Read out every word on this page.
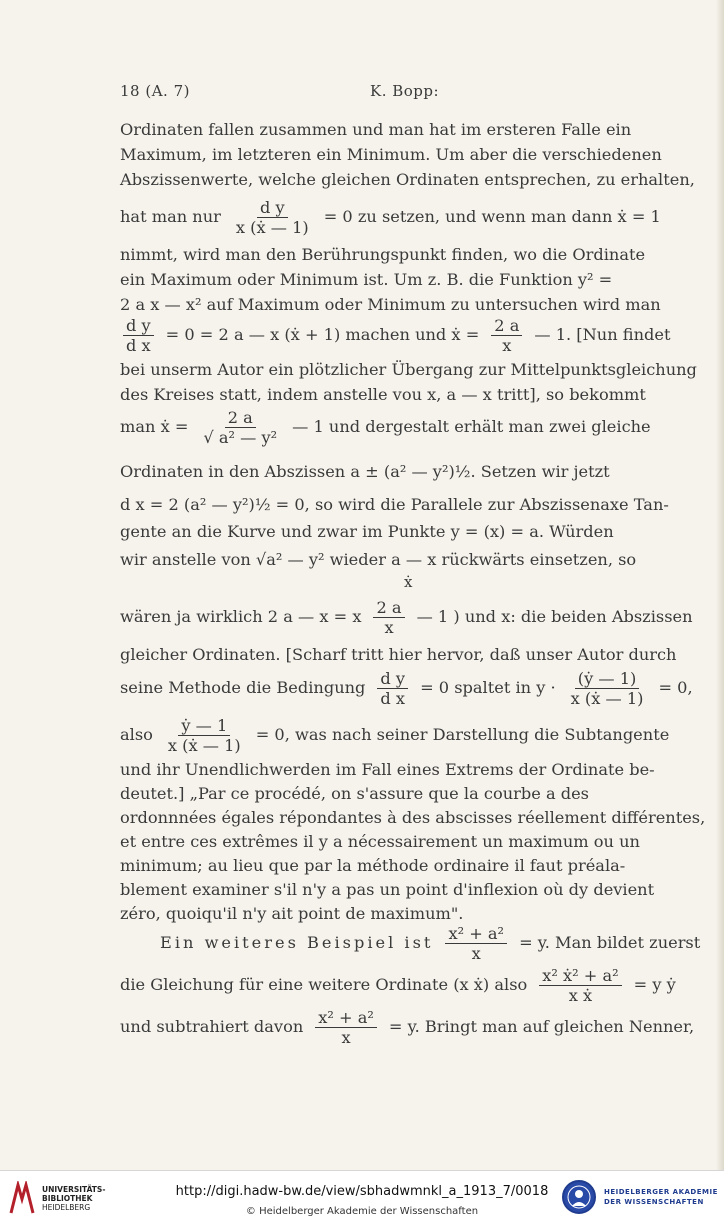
18 (A. 7)	K. Bopp:
Ordinaten fallen zusammen und man hat im ersteren Falle ein
Maximum, im letzteren ein Minimum. Um aber die verschiedenen
Abszissenwerte, welche gleichen Ordinaten entsprechen, zu erhalten,
hat man nur $\frac{\text{d y}}{\text{x (ẋ — 1)}} = 0$ zu setzen, und wenn man dann ẋ = 1
nimmt, wird man den Berührungspunkt finden, wo die Ordinate
ein Maximum oder Minimum ist. Um z. B. die Funktion y² =
2 a x — x² auf Maximum oder Minimum zu untersuchen wird man
$\frac{\text{d y}}{\text{d x}} = 0 = 2$ a — x (ẋ + 1) machen und ẋ = $\frac{2 a}{x}$ — 1. [Nun findet
bei unserm Autor ein plötzlicher Übergang zur Mittelpunktsgleichung
des Kreises statt, indem anstelle vou x, a — x tritt], so bekommt
man ẋ = $\frac{2 a}{\text{√ a² — y²}}$ — 1 und dergestalt erhält man zwei gleiche
Ordinaten in den Abszissen a ± (a² — y²)½. Setzen wir jetzt
d x = 2 (a² — y²)½ = 0, so wird die Parallele zur Abszissenaxe Tan-
gente an die Kurve und zwar im Punkte y = (x) = a. Würden
wir anstelle von √a² — y² wieder a — x rückwärts einsetzen, so
ẋ
wären ja wirklich 2 a — x = x $\frac{2 a}{x}$ — 1 ) und x: die beiden Abszissen
gleicher Ordinaten. [Scharf tritt hier hervor, daß unser Autor durch
seine Methode die Bedingung $\frac{\text{d y}}{\text{d x}} = 0$ spaltet in $y \cdot \frac{\text{(ẏ — 1)}}{\text{x (ẋ — 1)}} = 0$,
also $\frac{\text{ẏ — 1}}{\text{x (ẋ — 1)}} = 0$, was nach seiner Darstellung die Subtangente
und ihr Unendlichwerden im Fall eines Extrems der Ordinate be-
deutet.] „Par ce procédé, on s'assure que la courbe a des
ordonnnées égales répondantes à des abscisses réellement différentes,
et entre ces extrêmes il y a nécessairement un maximum ou un
minimum; au lieu que par la méthode ordinaire il faut préala-
blement examiner s'il n'y a pas un point d'inflexion où dy devient
zéro, quoiqu'il n'y ait point de maximum".
Ein weiteres Beispiel ist $\frac{\text{x² + a²}}{x} = y$. Man bildet zuerst
die Gleichung für eine weitere Ordinate (x ẋ) also $\frac{\text{x² ẋ² + a²}}{\text{x ẋ}} = y$ ẏ
und subtrahiert davon $\frac{\text{x² + a²}}{x} = y$. Bringt man auf gleichen Nenner,
UNIVERSITÄTS-
BIBLIOTHEK
HEIDELBERG
http://digi.hadw-bw.de/view/sbhadwmnkl_a_1913_7/0018
© Heidelberger Akademie der Wissenschaften
HEIDELBERGER AKADEMIE
DER WISSENSCHAFTEN
